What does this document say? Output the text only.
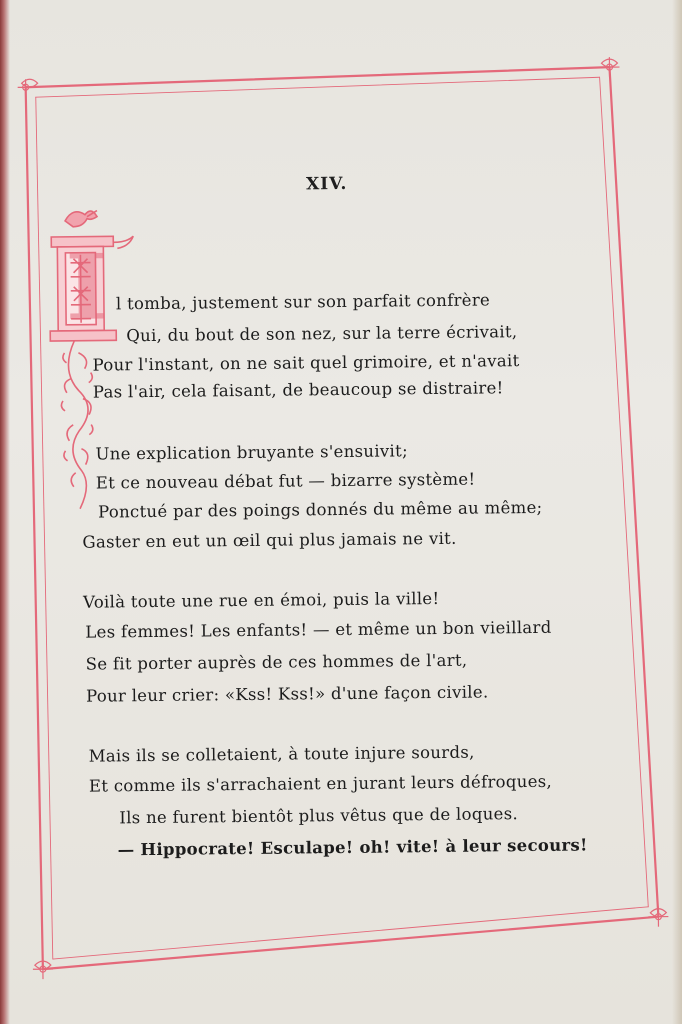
XIV.
I l tomba, justement sur son parfait confrère
Qui, du bout de son nez, sur la terre écrivait,
Pour l'instant, on ne sait quel grimoire, et n'avait
Pas l'air, cela faisant, de beaucoup se distraire!
Une explication bruyante s'ensuivit;
Et ce nouveau débat fut — bizarre système!
Ponctué par des poings donnés du même au même;
Gaster en eut un œil qui plus jamais ne vit.
Voilà toute une rue en émoi, puis la ville!
Les femmes! Les enfants! — et même un bon vieillard
Se fit porter auprès de ces hommes de l'art,
Pour leur crier: «Kss! Kss!» d'une façon civile.
Mais ils se colletaient, à toute injure sourds,
Et comme ils s'arrachaient en jurant leurs défroques,
Ils ne furent bientôt plus vêtus que de loques.
— Hippocrate! Esculape! oh! vite! à leur secours!
